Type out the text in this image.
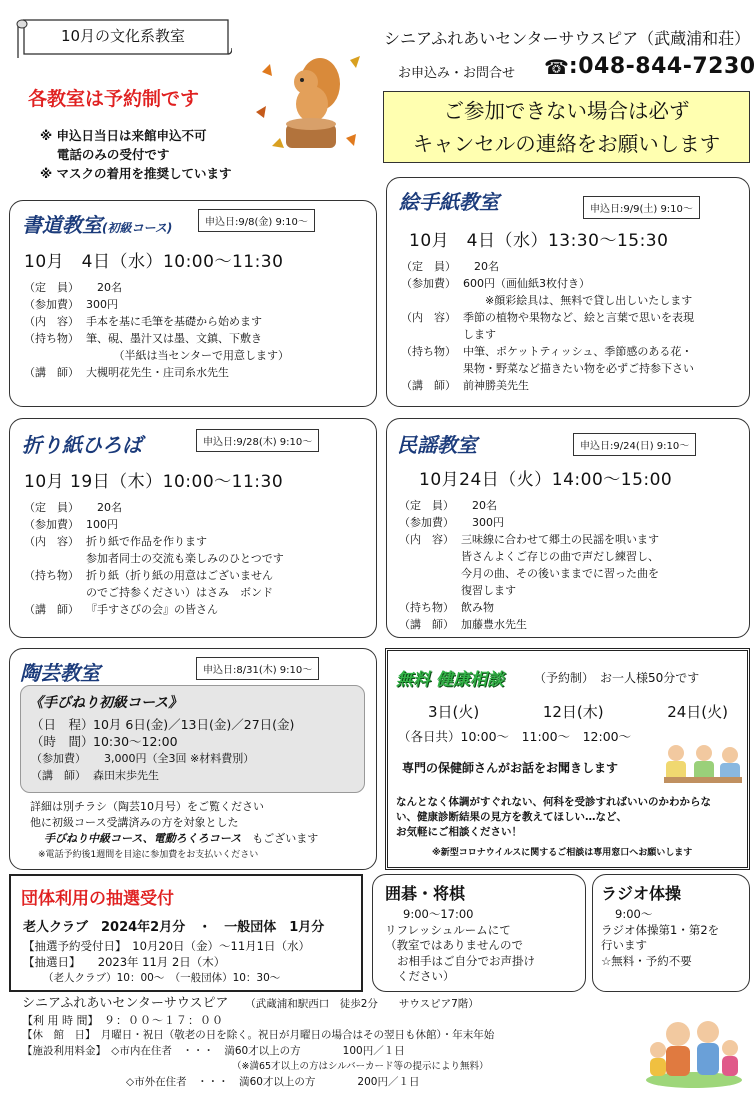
10月の文化系教室
各教室は予約制です
※ 申込日当日は来館申込不可
　 電話のみの受付です
※ マスクの着用を推奨しています
シニアふれあいセンターサウスピア（武蔵浦和荘）
お申込み・お問合せ ☎ :048-844-7230
ご参加できない場合は必ず
キャンセルの連絡をお願いします
書道教室(初級コース)	申込日:9/8(金) 9:10～
10月　4日（水）10:00～11:30
（定　員） 　20名
（参加費） 300円
（内　容） 手本を基に毛筆を基礎から始めます
（持ち物） 筆、硯、墨汁又は墨、文鎮、下敷き
　　　（半紙は当センターで用意します）
（講　師） 大槻明花先生・庄司糸水先生
絵手紙教室	申込日:9/9(土) 9:10～
10月　4日（水）13:30～15:30
（定　員） 　20名
（参加費） 600円（画仙紙3枚付き）
　　※顔彩絵具は、無料で貸し出しいたします
（内　容） 季節の植物や果物など、絵と言葉で思いを表現
します
（持ち物） 中筆、ポケットティッシュ、季節感のある花・
果物・野菜など描きたい物を必ずご持参下さい
（講　師） 前神勝美先生
折り紙ひろば	申込日:9/28(木) 9:10～
10月 19日（木）10:00～11:30
（定　員） 　20名
（参加費） 100円
（内　容） 折り紙で作品を作ります
参加者同士の交流も楽しみのひとつです
（持ち物） 折り紙（折り紙の用意はございません
のでご持参ください）はさみ　ボンド
（講　師） 『手すさびの会』の皆さん
民謡教室	申込日:9/24(日) 9:10～
10月24日（火）14:00～15:00
（定　員） 　20名
（参加費） 　300円
（内　容） 三味線に合わせて郷土の民謡を唄います
皆さんよくご存じの曲で声だし練習し、
今月の曲、その後いままでに習った曲を
復習します
（持ち物） 飲み物
（講　師） 加藤豊水先生
陶芸教室	申込日:8/31(木) 9:10～
《手びねり初級コース》
（日　程） 10月 6日(金)／13日(金)／27日(金)
（時　間） 10:30～12:00
（参加費） 　3,000円（全3回 ※材料費別）
（講　師） 森田末歩先生
詳細は別チラシ（陶芸10月号）をご覧ください
他に初級コース受講済みの方を対象とした
手びねり中級コース、電動ろくろコース　 もございます
※電話予約後1週間を目途に参加費をお支払いください
無料 健康相談	（予約制）　 お一人様50分です
3日(火)	12日(木)	24日(火)
（各日共）10:00～　 11:00～　 12:00～
専門の保健師さんがお話をお聞きします
なんとなく体調がすぐれない、何科を受診すればいいのかわからな
い、健康診断結果の見方を教えてほしい…など、
お気軽にご相談ください！
※新型コロナウイルスに関するご相談は専用窓口へお願いします
団体利用の抽選受付
老人クラブ　2024年2月分　・　一般団体　1月分
【抽選予約受付日】　 10月20日（金）～11月1日（水）
【抽選日】　　2023年 11月 2日（木）
（老人クラブ）10：00～　（一般団体）10：30～
囲碁・将棋
9:00～17:00
リフレッシュルームにて
（教室ではありませんので
お相手はご自分でお声掛け
ください）
ラジオ体操
9:00～
ラジオ体操第1・第2を
行います
☆無料・予約不要
シニアふれあいセンターサウスピア　　 （武蔵浦和駅西口　徒歩2分　　サウスピア7階）
【利 用 時 間】　 ９：００～１７：００
【休　館　日】　 月曜日・祝日（敬老の日を除く。祝日が月曜日の場合はその翌日も休館）・年末年始
【施設利用料金】　 ◇市内在住者　・・・　満60才以上の方　　　　100円／１日
（※満65才以上の方はシルバーカード等の提示により無料）
◇市外在住者　・・・　満60才以上の方　　　　200円／１日
